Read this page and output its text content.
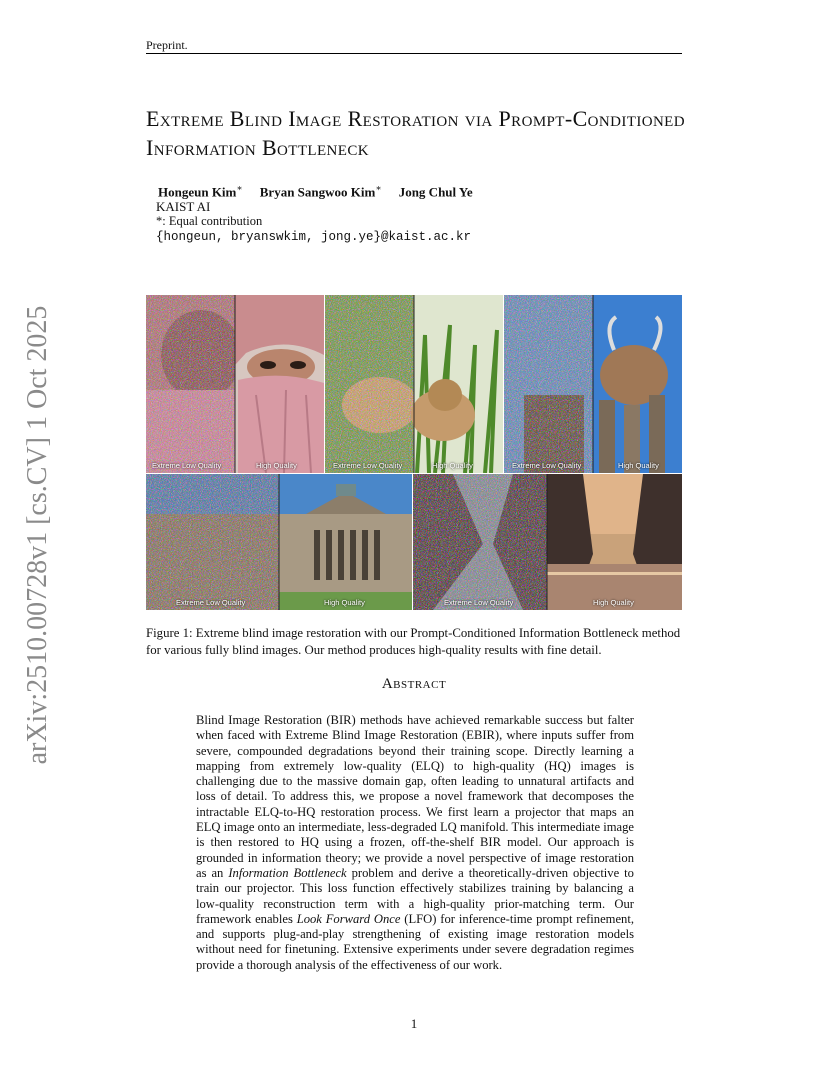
Preprint.
Extreme Blind Image Restoration via Prompt-Conditioned Information Bottleneck
Hongeun Kim∗ Bryan Sangwoo Kim∗ Jong Chul Ye
KAIST AI
*: Equal contribution
{hongeun, bryanswkim, jong.ye}@kaist.ac.kr
arXiv:2510.00728v1 [cs.CV] 1 Oct 2025	Extreme Low Quality	High Quality	Extreme Low Quality	High Quality	Extreme Low Quality	High Quality
Extreme Low Quality	High Quality	Extreme Low Quality	High Quality
Figure 1: Extreme blind image restoration with our Prompt-Conditioned Information Bottleneck method for various fully blind images. Our method produces high-quality results with fine detail.
Abstract
Blind Image Restoration (BIR) methods have achieved remarkable success but falter when faced with Extreme Blind Image Restoration (EBIR), where inputs suffer from severe, compounded degradations beyond their training scope. Directly learning a mapping from extremely low-quality (ELQ) to high-quality (HQ) images is challenging due to the massive domain gap, often leading to unnatural artifacts and loss of detail. To address this, we propose a novel framework that decomposes the intractable ELQ-to-HQ restoration process. We first learn a projector that maps an ELQ image onto an intermediate, less-degraded LQ manifold. This intermediate image is then restored to HQ using a frozen, off-the-shelf BIR model. Our approach is grounded in information theory; we provide a novel perspective of image restoration as an Information Bottleneck problem and derive a theoretically-driven objective to train our projector. This loss function effectively stabilizes training by balancing a low-quality reconstruction term with a high-quality prior-matching term. Our framework enables Look Forward Once (LFO) for inference-time prompt refinement, and supports plug-and-play strengthening of existing image restoration models without need for finetuning. Extensive experiments under severe degradation regimes provide a thorough analysis of the effectiveness of our work.
1
